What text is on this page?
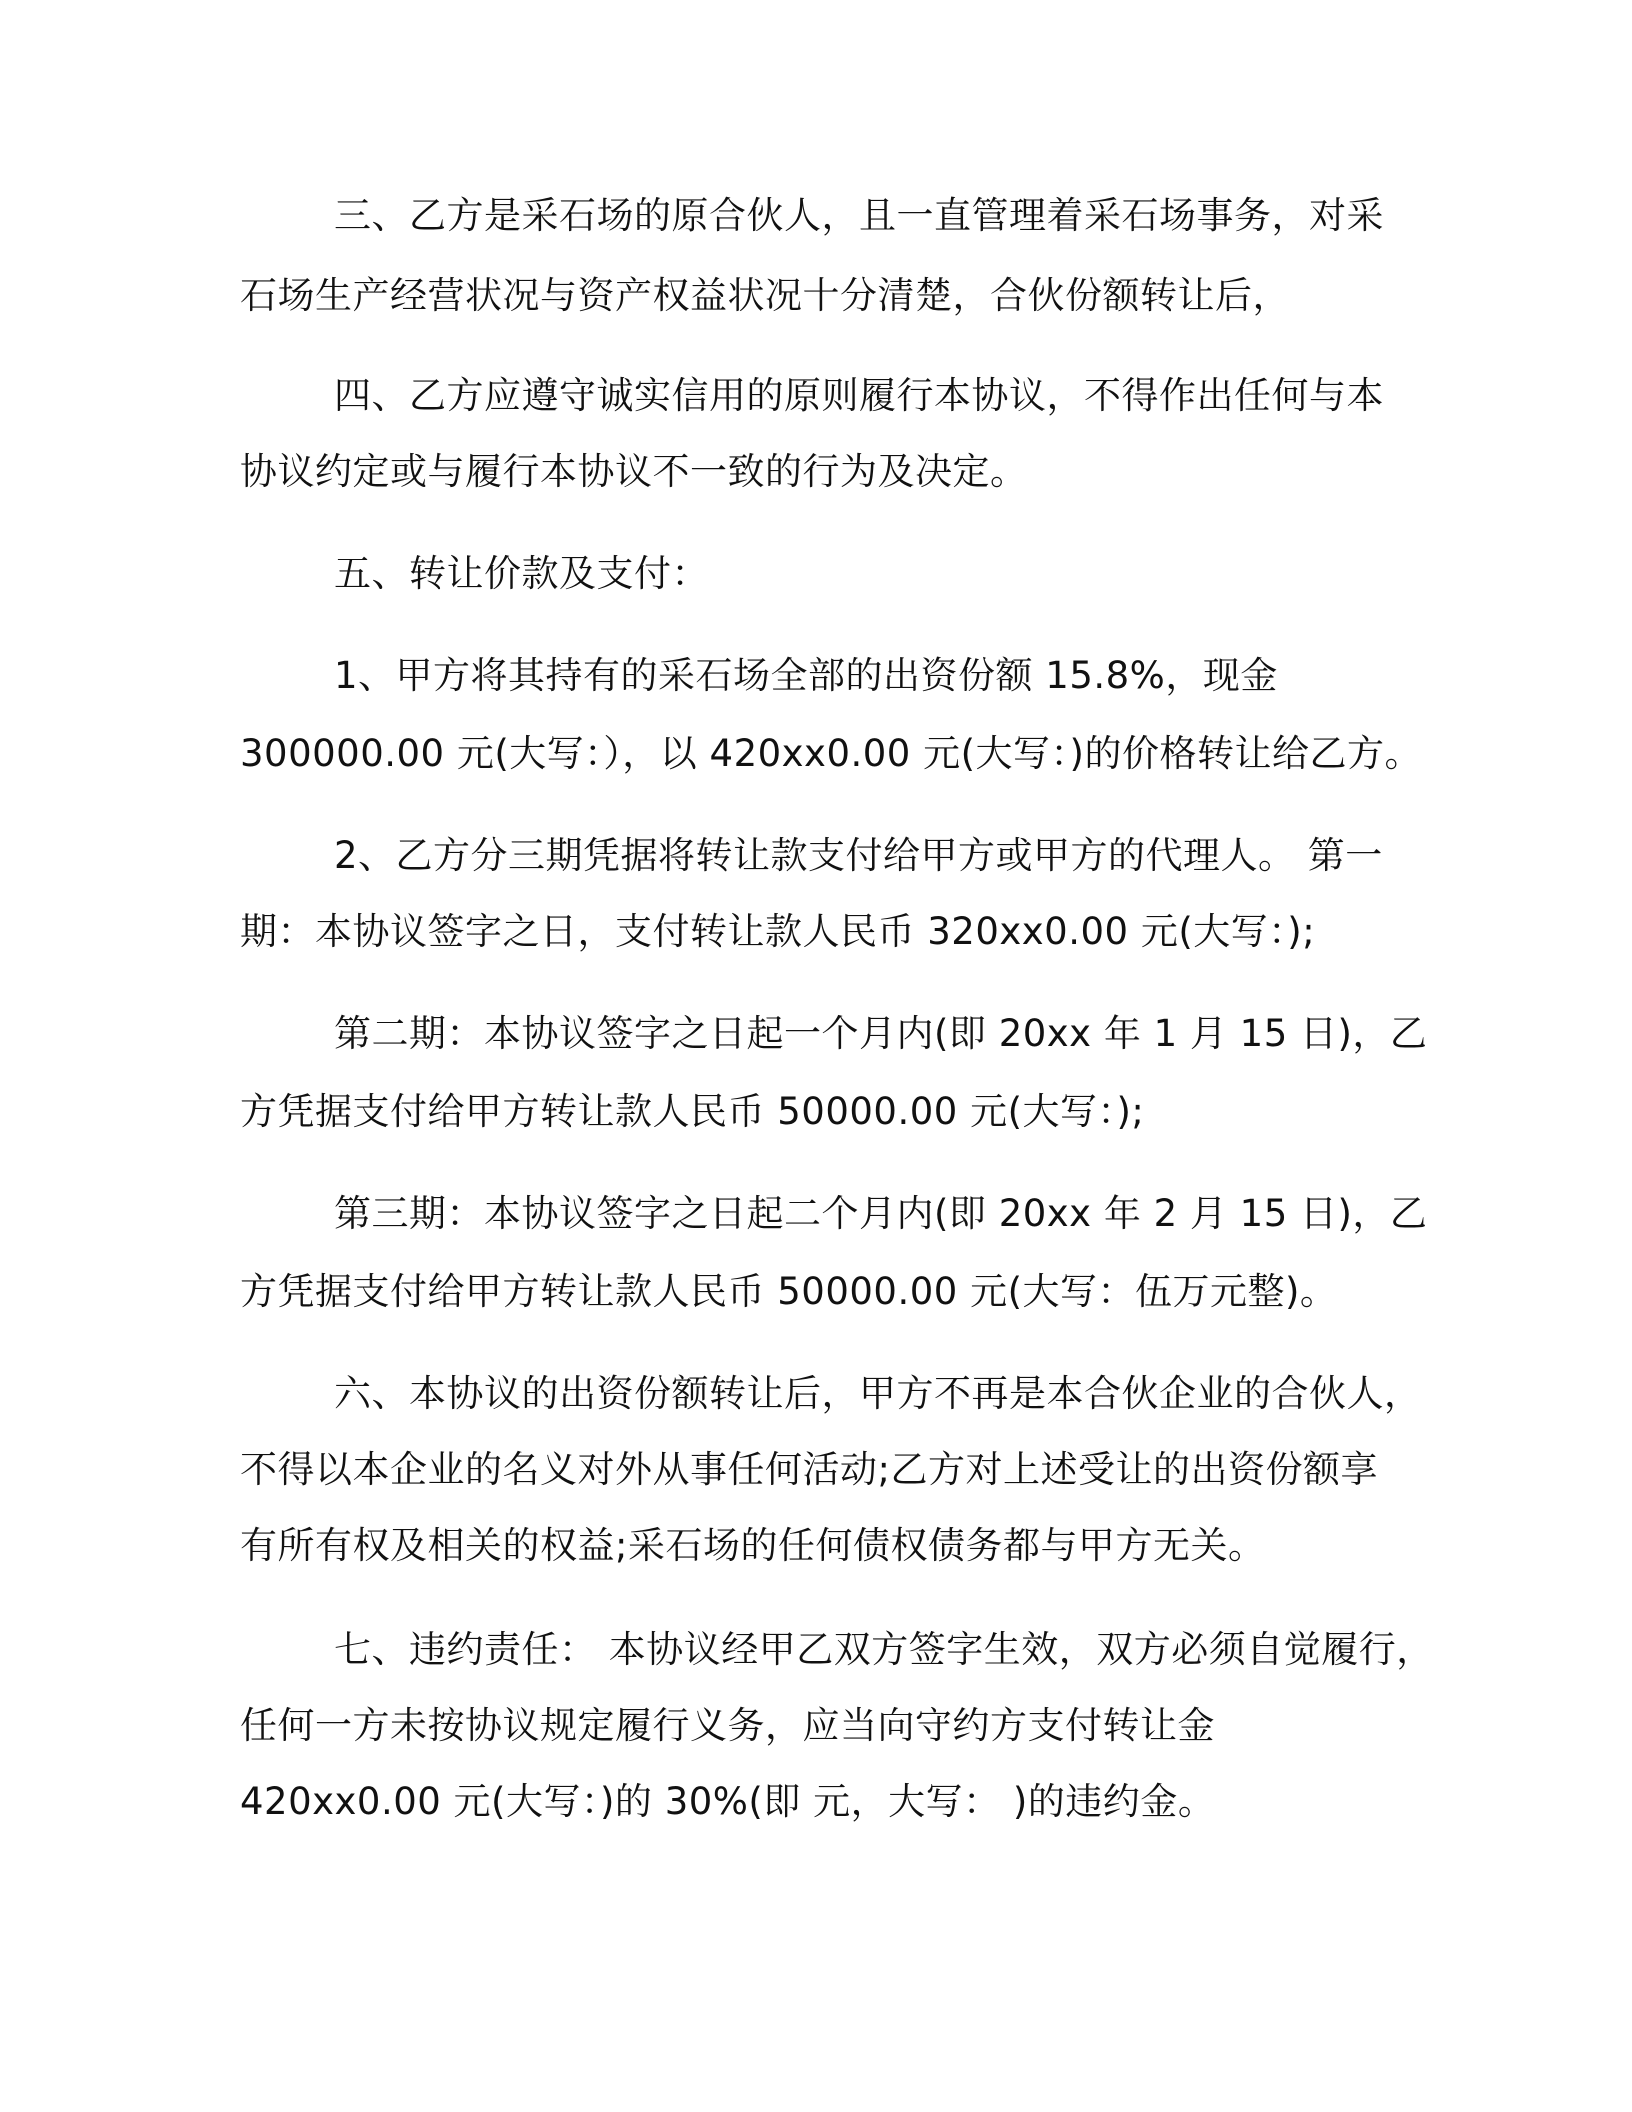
三、乙方是采石场的原合伙人，且一直管理着采石场事务，对采
石场生产经营状况与资产权益状况十分清楚，合伙份额转让后，
四、乙方应遵守诚实信用的原则履行本协议，不得作出任何与本
协议约定或与履行本协议不一致的行为及决定。
五、转让价款及支付：
1、甲方将其持有的采石场全部的出资份额 15.8%，现金
300000.00 元(大写：），以 420xx0.00 元(大写：)的价格转让给乙方。
2、乙方分三期凭据将转让款支付给甲方或甲方的代理人。 第一
期：本协议签字之日，支付转让款人民币 320xx0.00 元(大写：);
第二期：本协议签字之日起一个月内(即 20xx 年 1 月 15 日)，乙
方凭据支付给甲方转让款人民币 50000.00 元(大写：);
第三期：本协议签字之日起二个月内(即 20xx 年 2 月 15 日)，乙
方凭据支付给甲方转让款人民币 50000.00 元(大写：伍万元整)。
六、本协议的出资份额转让后，甲方不再是本合伙企业的合伙人，
不得以本企业的名义对外从事任何活动;乙方对上述受让的出资份额享
有所有权及相关的权益;采石场的任何债权债务都与甲方无关。
七、违约责任： 本协议经甲乙双方签字生效，双方必须自觉履行，
任何一方未按协议规定履行义务，应当向守约方支付转让金
420xx0.00 元(大写：)的 30%(即 元，大写： )的违约金。
